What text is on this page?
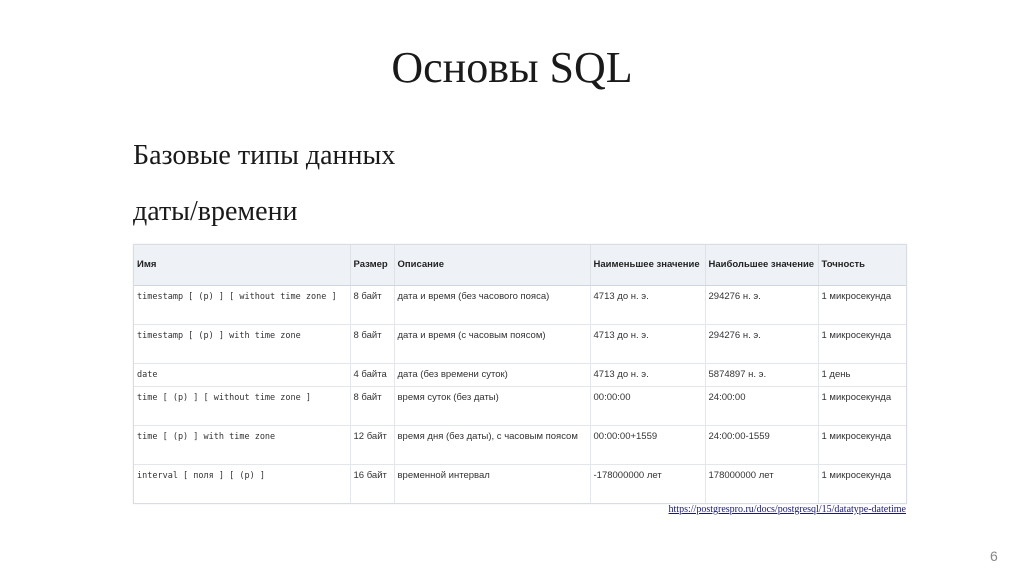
Основы SQL
Базовые типы данных
даты/времени
Имя	Размер	Описание	Наименьшее значение	Наибольшее значение	Точность
timestamp [ (p) ] [ without time zone ]	8 байт	дата и время (без часового пояса)	4713 до н. э.	294276 н. э.	1 микросекунда
timestamp [ (p) ] with time zone	8 байт	дата и время (с часовым поясом)	4713 до н. э.	294276 н. э.	1 микросекунда
date	4 байта	дата (без времени суток)	4713 до н. э.	5874897 н. э.	1 день
time [ (p) ] [ without time zone ]	8 байт	время суток (без даты)	00:00:00	24:00:00	1 микросекунда
time [ (p) ] with time zone	12 байт	время дня (без даты), с часовым поясом	00:00:00+1559	24:00:00-1559	1 микросекунда
interval [ поля ] [ (p) ]	16 байт	временной интервал	-178000000 лет	178000000 лет	1 микросекунда
https://postgrespro.ru/docs/postgresql/15/datatype-datetime
6
